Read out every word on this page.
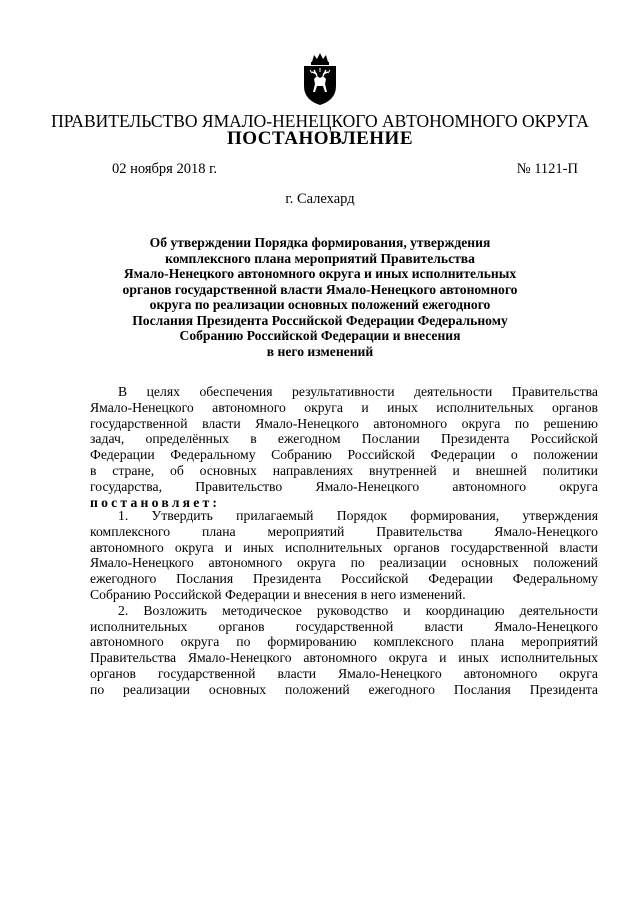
ПРАВИТЕЛЬСТВО ЯМАЛО-НЕНЕЦКОГО АВТОНОМНОГО ОКРУГА
ПОСТАНОВЛЕНИЕ
02 ноября 2018 г.	№ 1121-П
г. Салехард
Об утверждении Порядка формирования, утверждения
комплексного плана мероприятий Правительства
Ямало-Ненецкого автономного округа и иных исполнительных
органов государственной власти Ямало-Ненецкого автономного
округа по реализации основных положений ежегодного
Послания Президента Российской Федерации Федеральному
Собранию Российской Федерации и внесения
в него изменений
В целях обеспечения результативности деятельности Правительства
Ямало-Ненецкого автономного округа и иных исполнительных органов
государственной власти Ямало-Ненецкого автономного округа по решению
задач, определённых в ежегодном Послании Президента Российской
Федерации Федеральному Собранию Российской Федерации о положении
в стране, об основных направлениях внутренней и внешней политики
государства, Правительство Ямало-Ненецкого автономного округа
постановляет:
1. Утвердить прилагаемый Порядок формирования, утверждения
комплексного плана мероприятий Правительства Ямало-Ненецкого
автономного округа и иных исполнительных органов государственной власти
Ямало-Ненецкого автономного округа по реализации основных положений
ежегодного Послания Президента Российской Федерации Федеральному
Собранию Российской Федерации и внесения в него изменений.
2. Возложить методическое руководство и координацию деятельности
исполнительных органов государственной власти Ямало-Ненецкого
автономного округа по формированию комплексного плана мероприятий
Правительства Ямало-Ненецкого автономного округа и иных исполнительных
органов государственной власти Ямало-Ненецкого автономного округа
по реализации основных положений ежегодного Послания Президента
